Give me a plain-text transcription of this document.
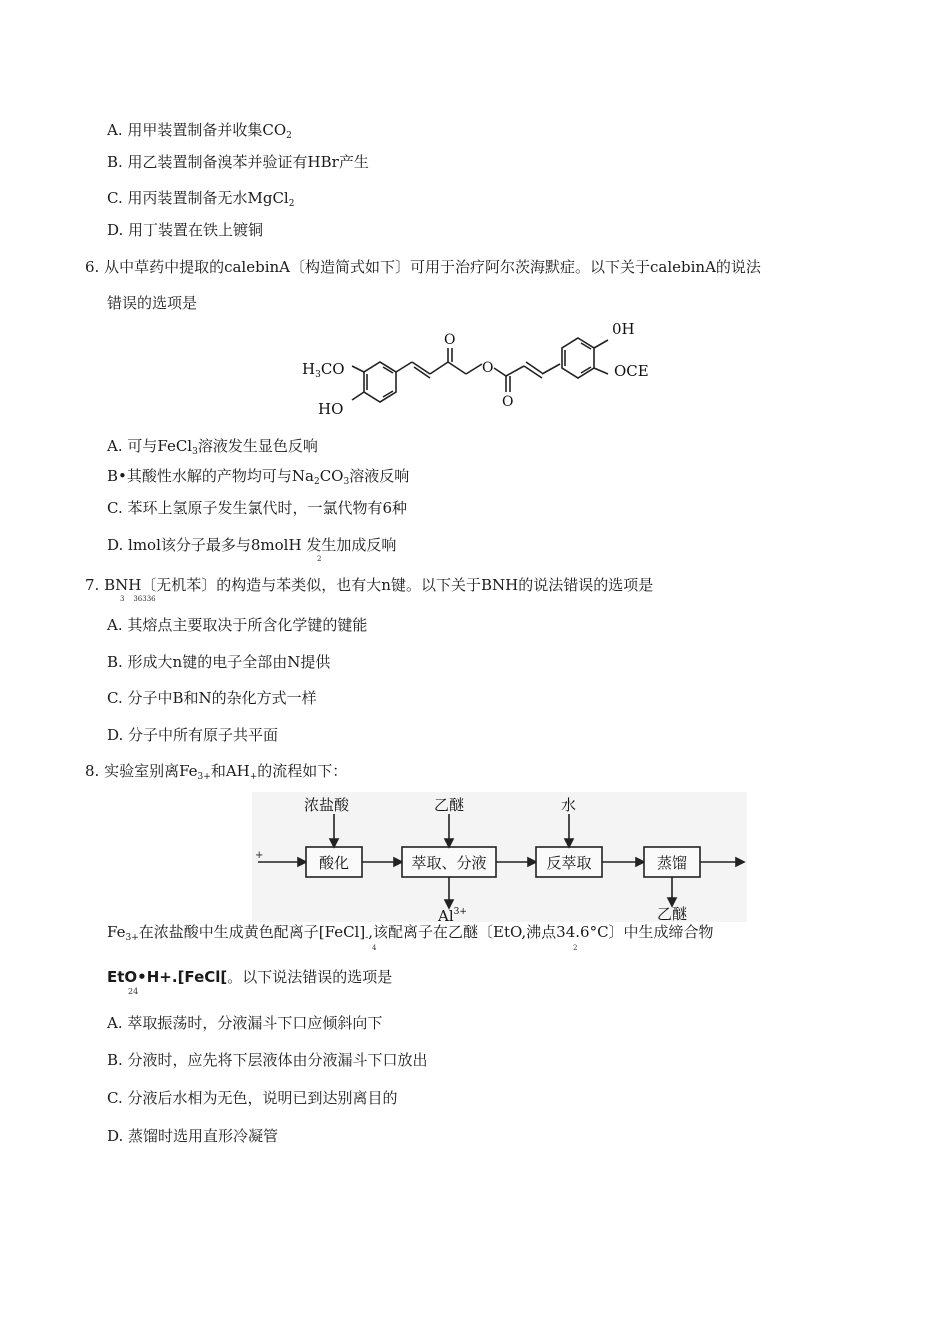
A. 用甲装置制备并收集$CO_2$
B. 用乙装置制备溴苯并验证有HBr产生
C. 用丙装置制备无水MgCl$_2$
D. 用丁装置在铁上镀铜
6. 从中草药中提取的calebinA〔构造简式如下〕可用于治疗阿尔茨海默症。以下关于calebinA的说法
错误的选项是
$H_3CO$
HO
O
O
O
0H
OCE
A. 可与FeCl$_3$溶液发生显色反响
B•其酸性水解的产物均可与$Na_2CO_3$溶液反响
C. 苯环上氢原子发生氯代时，一氯代物有6种
D. lmol该分子最多与8molH 发生加成反响
2
7. BNH〔无机苯〕的构造与苯类似，也有大n键。以下关于BNH的说法错误的选项是
3    36336
A. 其熔点主要取决于所含化学键的键能
B. 形成大n键的电子全部由N提供
C. 分子中B和N的杂化方式一样
D. 分子中所有原子共平面
8. 实验室别离$Fe_{3+}$和$AH_+$的流程如下：
+
浓盐酸	乙醚	水
酸化	萃取、分液	反萃取	蒸馏
$Al^{3+}$	乙醚
$Fe_{3+}$在浓盐酸中生成黄色配离子$[FeCl]_-$,该配离子在乙醚〔EtO,沸点34.6°C〕中生成缔合物
4	2
EtO•H+.[FeCl[。以下说法错误的选项是
24
A. 萃取振荡时，分液漏斗下口应倾斜向下
B. 分液时，应先将下层液体由分液漏斗下口放出
C. 分液后水相为无色，说明已到达别离目的
D. 蒸馏时选用直形冷凝管
